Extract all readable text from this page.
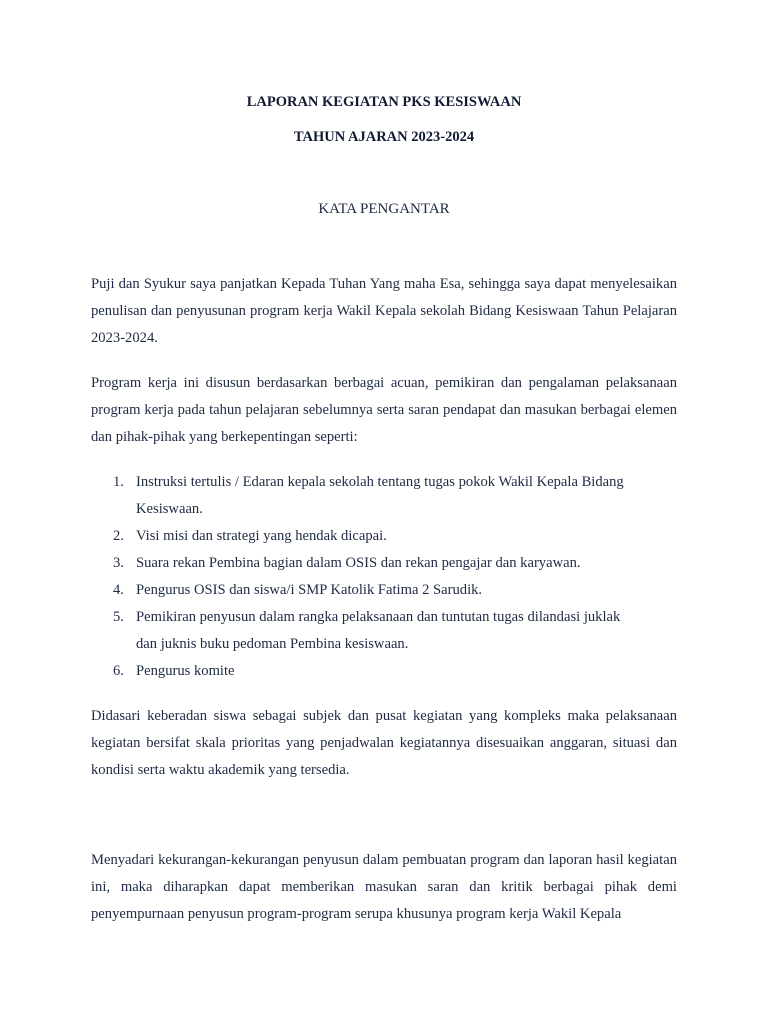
LAPORAN KEGIATAN PKS KESISWAAN

TAHUN AJARAN 2023-2024

KATA PENGANTAR

Puji dan Syukur saya panjatkan Kepada Tuhan Yang maha Esa, sehingga saya dapat menyelesaikan penulisan dan penyusunan program kerja Wakil Kepala sekolah Bidang Kesiswaan Tahun Pelajaran 2023-2024.

Program kerja ini disusun berdasarkan berbagai acuan, pemikiran dan pengalaman pelaksanaan program kerja pada tahun pelajaran sebelumnya serta saran pendapat dan masukan berbagai elemen dan pihak-pihak yang berkepentingan seperti:

1. Instruksi tertulis / Edaran kepala sekolah tentang tugas pokok Wakil Kepala Bidang Kesiswaan.
2. Visi misi dan strategi yang hendak dicapai.
3. Suara rekan Pembina bagian dalam OSIS dan rekan pengajar dan karyawan.
4. Pengurus OSIS dan siswa/i SMP Katolik Fatima 2 Sarudik.
5. Pemikiran penyusun dalam rangka pelaksanaan dan tuntutan tugas dilandasi juklak dan juknis buku pedoman Pembina kesiswaan.
6. Pengurus komite

Didasari keberadan siswa sebagai subjek dan pusat kegiatan yang kompleks maka pelaksanaan kegiatan bersifat skala prioritas yang penjadwalan kegiatannya disesuaikan anggaran, situasi dan kondisi serta waktu akademik yang tersedia.

Menyadari kekurangan-kekurangan penyusun dalam pembuatan program dan laporan hasil kegiatan ini, maka diharapkan dapat memberikan masukan saran dan kritik berbagai pihak demi penyempurnaan penyusun program-program serupa khusunya program kerja Wakil Kepala
